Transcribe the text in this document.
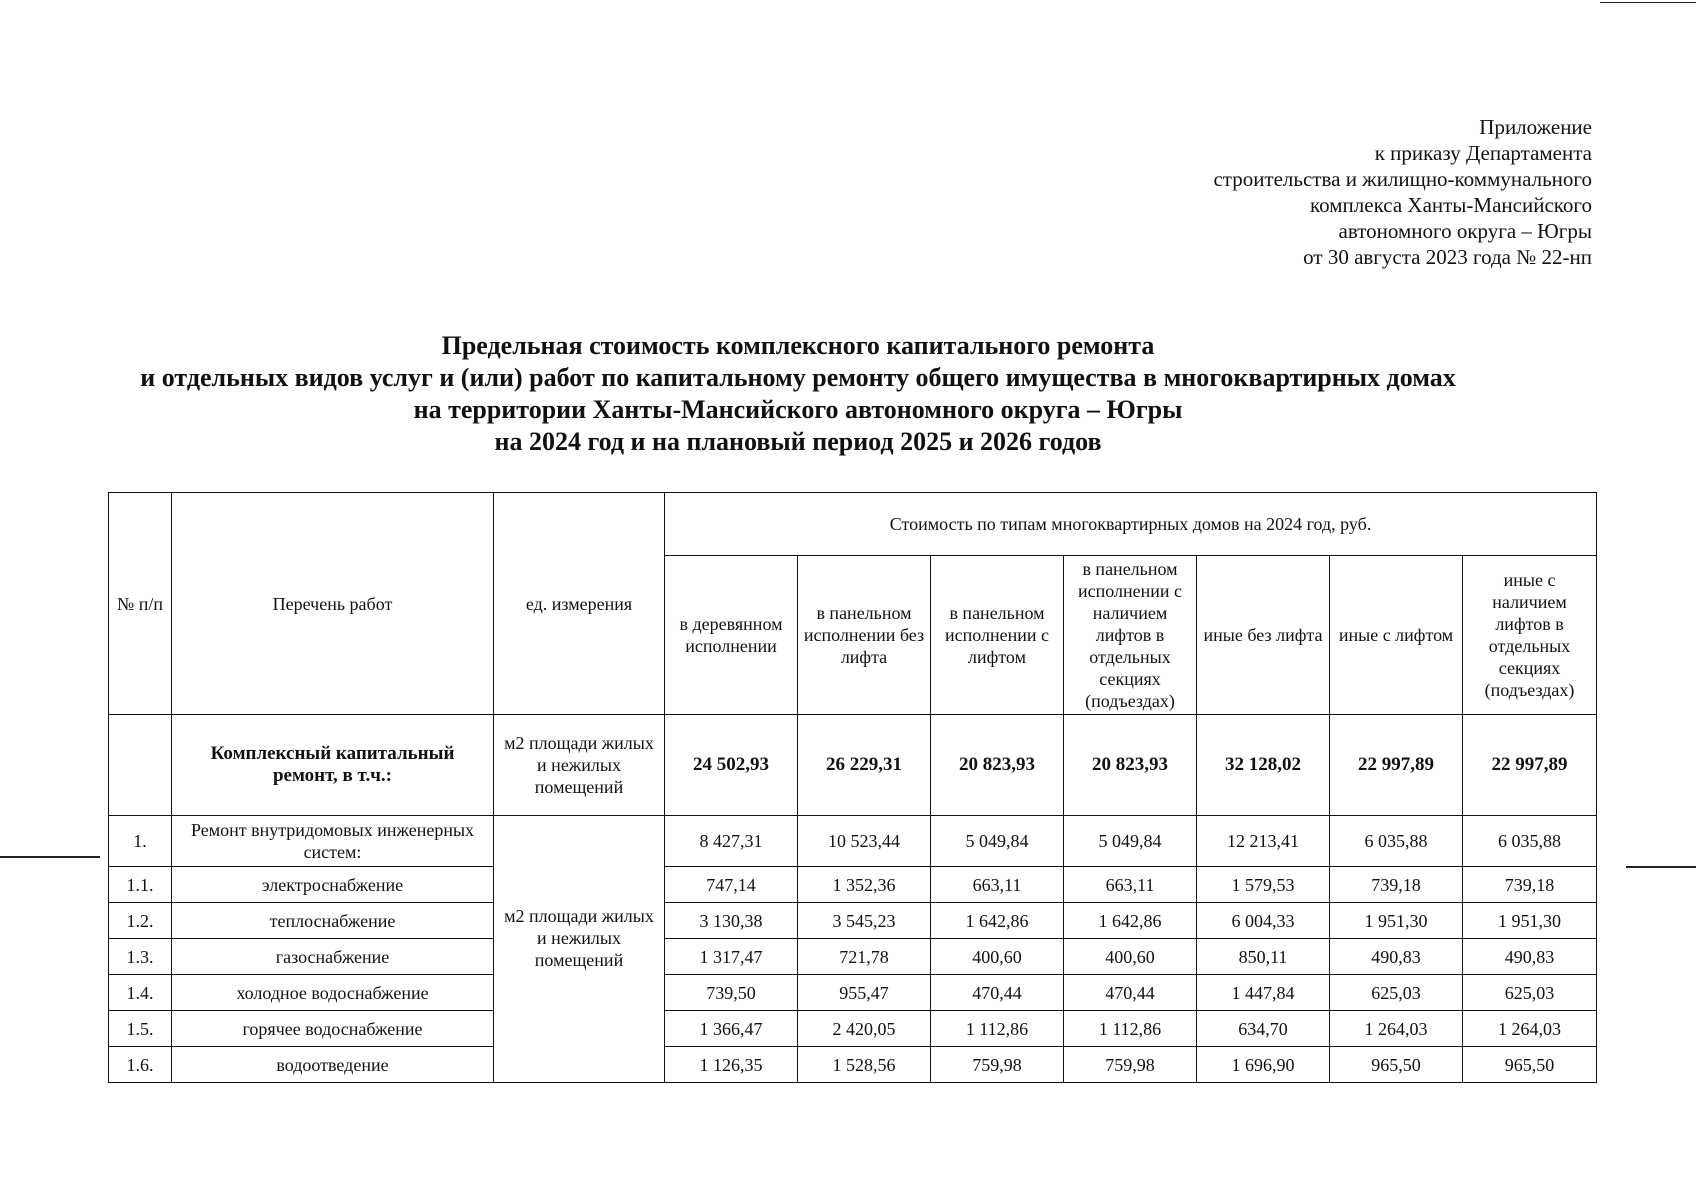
Приложение
к приказу Департамента
строительства и жилищно-коммунального
комплекса Ханты-Мансийского
автономного округа – Югры
от 30 августа 2023 года № 22-нп
Предельная стоимость комплексного капитального ремонта
и отдельных видов услуг и (или) работ по капитальному ремонту общего имущества в многоквартирных домах
на территории Ханты-Мансийского автономного округа – Югры
на 2024 год и на плановый период 2025 и 2026 годов
№ п/п	Перечень работ	ед. измерения	Стоимость по типам многоквартирных домов на 2024 год, руб.						
			в деревянном исполнении	в панельном исполнении без лифта	в панельном исполнении с лифтом	в панельном исполнении с наличием лифтов в отдельных секциях (подъездах)	иные без лифта	иные с лифтом	иные с наличием лифтов в отдельных секциях (подъездах)
	Комплексный капитальный ремонт, в т.ч.:	м2 площади жилых и нежилых помещений	24 502,93	26 229,31	20 823,93	20 823,93	32 128,02	22 997,89	22 997,89
1.	Ремонт внутридомовых инженерных систем:		8 427,31	10 523,44	5 049,84	5 049,84	12 213,41	6 035,88	6 035,88
1.1.	электроснабжение	м2 площади жилых и нежилых помещений	747,14	1 352,36	663,11	663,11	1 579,53	739,18	739,18
1.2.	теплоснабжение		3 130,38	3 545,23	1 642,86	1 642,86	6 004,33	1 951,30	1 951,30
1.3.	газоснабжение		1 317,47	721,78	400,60	400,60	850,11	490,83	490,83
1.4.	холодное водоснабжение		739,50	955,47	470,44	470,44	1 447,84	625,03	625,03
1.5.	горячее водоснабжение		1 366,47	2 420,05	1 112,86	1 112,86	634,70	1 264,03	1 264,03
1.6.	водоотведение		1 126,35	1 528,56	759,98	759,98	1 696,90	965,50	965,50
